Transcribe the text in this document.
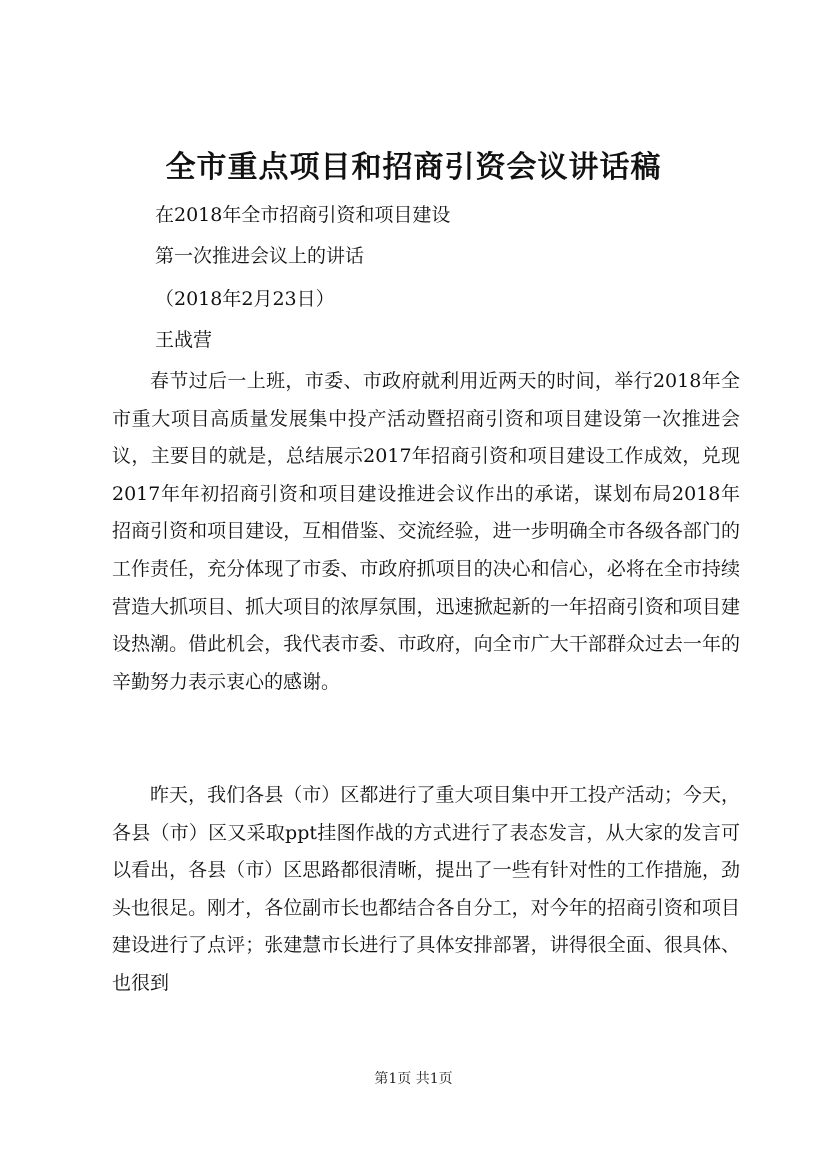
全市重点项目和招商引资会议讲话稿

在2018年全市招商引资和项目建设

第一次推进会议上的讲话

（2018年2月23日）

王战营

春节过后一上班，市委、市政府就利用近两天的时间，举行2018年全市重大项目高质量发展集中投产活动暨招商引资和项目建设第一次推进会议，主要目的就是，总结展示2017年招商引资和项目建设工作成效，兑现2017年年初招商引资和项目建设推进会议作出的承诺，谋划布局2018年招商引资和项目建设，互相借鉴、交流经验，进一步明确全市各级各部门的工作责任，充分体现了市委、市政府抓项目的决心和信心，必将在全市持续营造大抓项目、抓大项目的浓厚氛围，迅速掀起新的一年招商引资和项目建设热潮。借此机会，我代表市委、市政府，向全市广大干部群众过去一年的辛勤努力表示衷心的感谢。

昨天，我们各县（市）区都进行了重大项目集中开工投产活动；今天，各县（市）区又采取ppt挂图作战的方式进行了表态发言，从大家的发言可以看出，各县（市）区思路都很清晰，提出了一些有针对性的工作措施，劲头也很足。刚才，各位副市长也都结合各自分工，对今年的招商引资和项目建设进行了点评；张建慧市长进行了具体安排部署，讲得很全面、很具体、也很到

第1页 共1页
